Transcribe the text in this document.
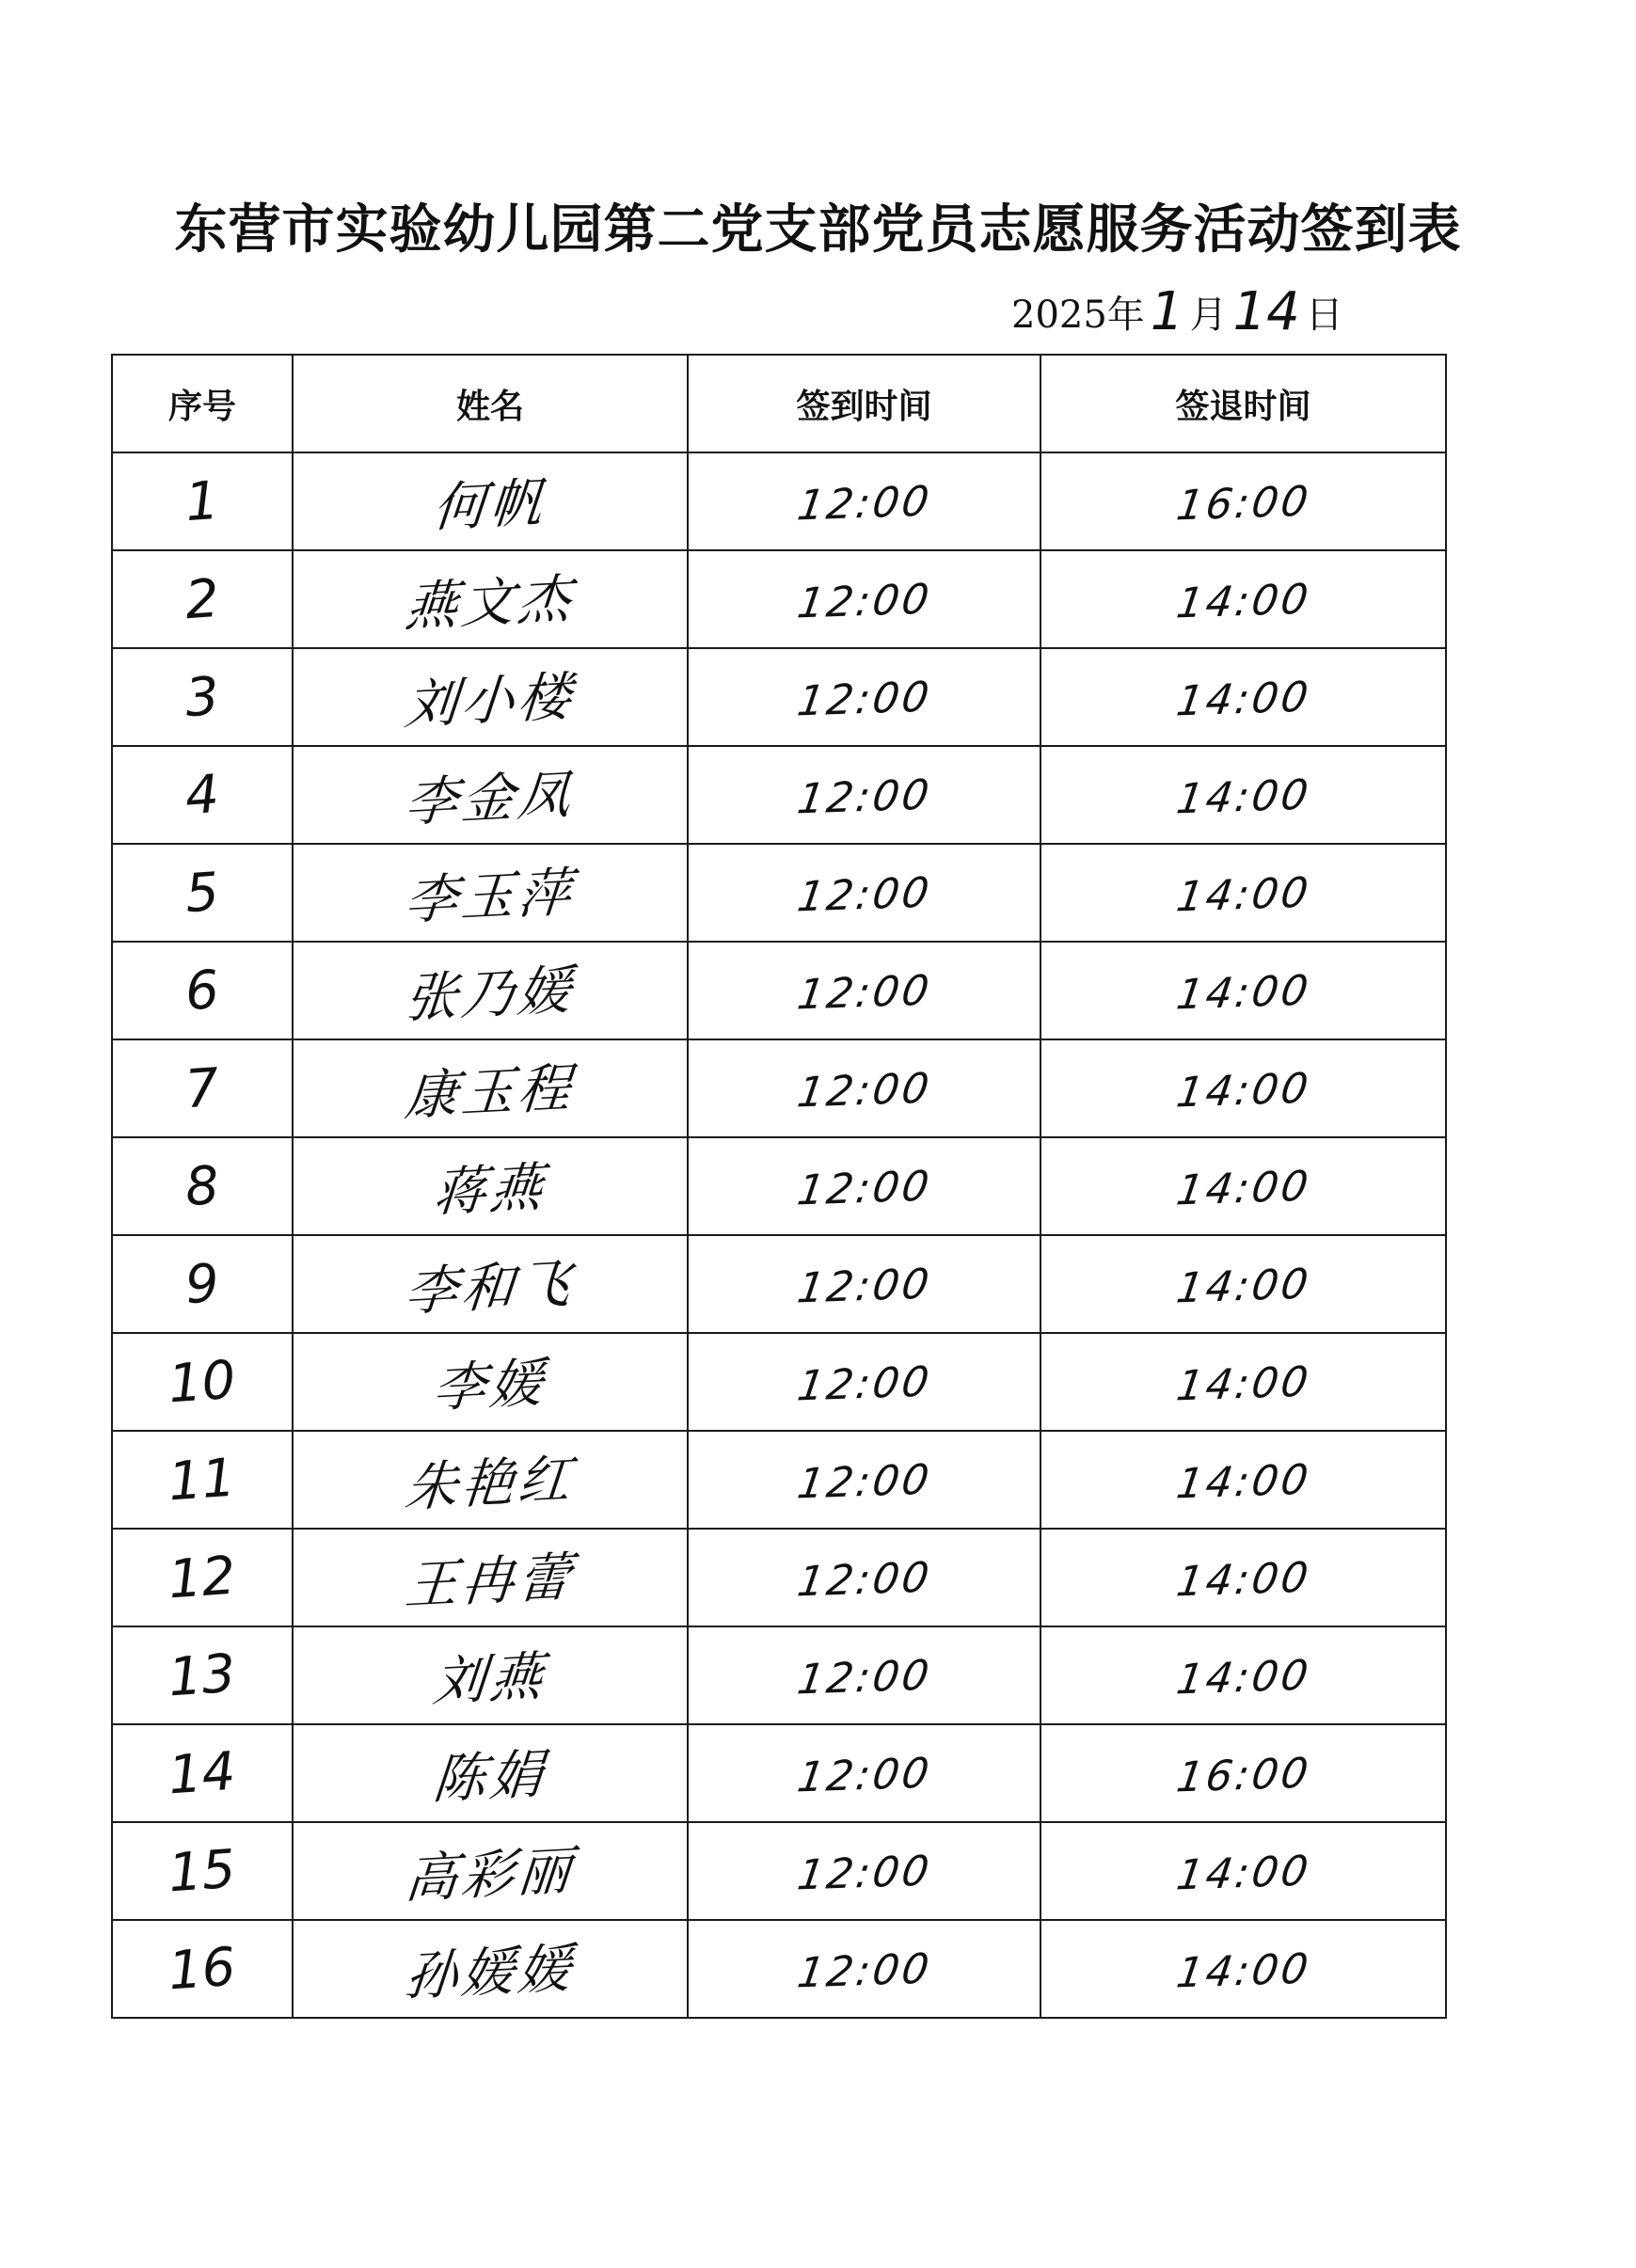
东营市实验幼儿园第二党支部党员志愿服务活动签到表
2025年 1 月 14 日
序号	姓名	签到时间	签退时间
1	何帆	12:00	16:00
2	燕文杰	12:00	14:00
3	刘小楼	12:00	14:00
4	李金凤	12:00	14:00
5	李玉萍	12:00	14:00
6	张乃媛	12:00	14:00
7	康玉程	12:00	14:00
8	蒋燕	12:00	14:00
9	李和飞	12:00	14:00
10	李媛	12:00	14:00
11	朱艳红	12:00	14:00
12	王冉蕾	12:00	14:00
13	刘燕	12:00	14:00
14	陈娟	12:00	16:00
15	高彩丽	12:00	14:00
16	孙媛媛	12:00	14:00
